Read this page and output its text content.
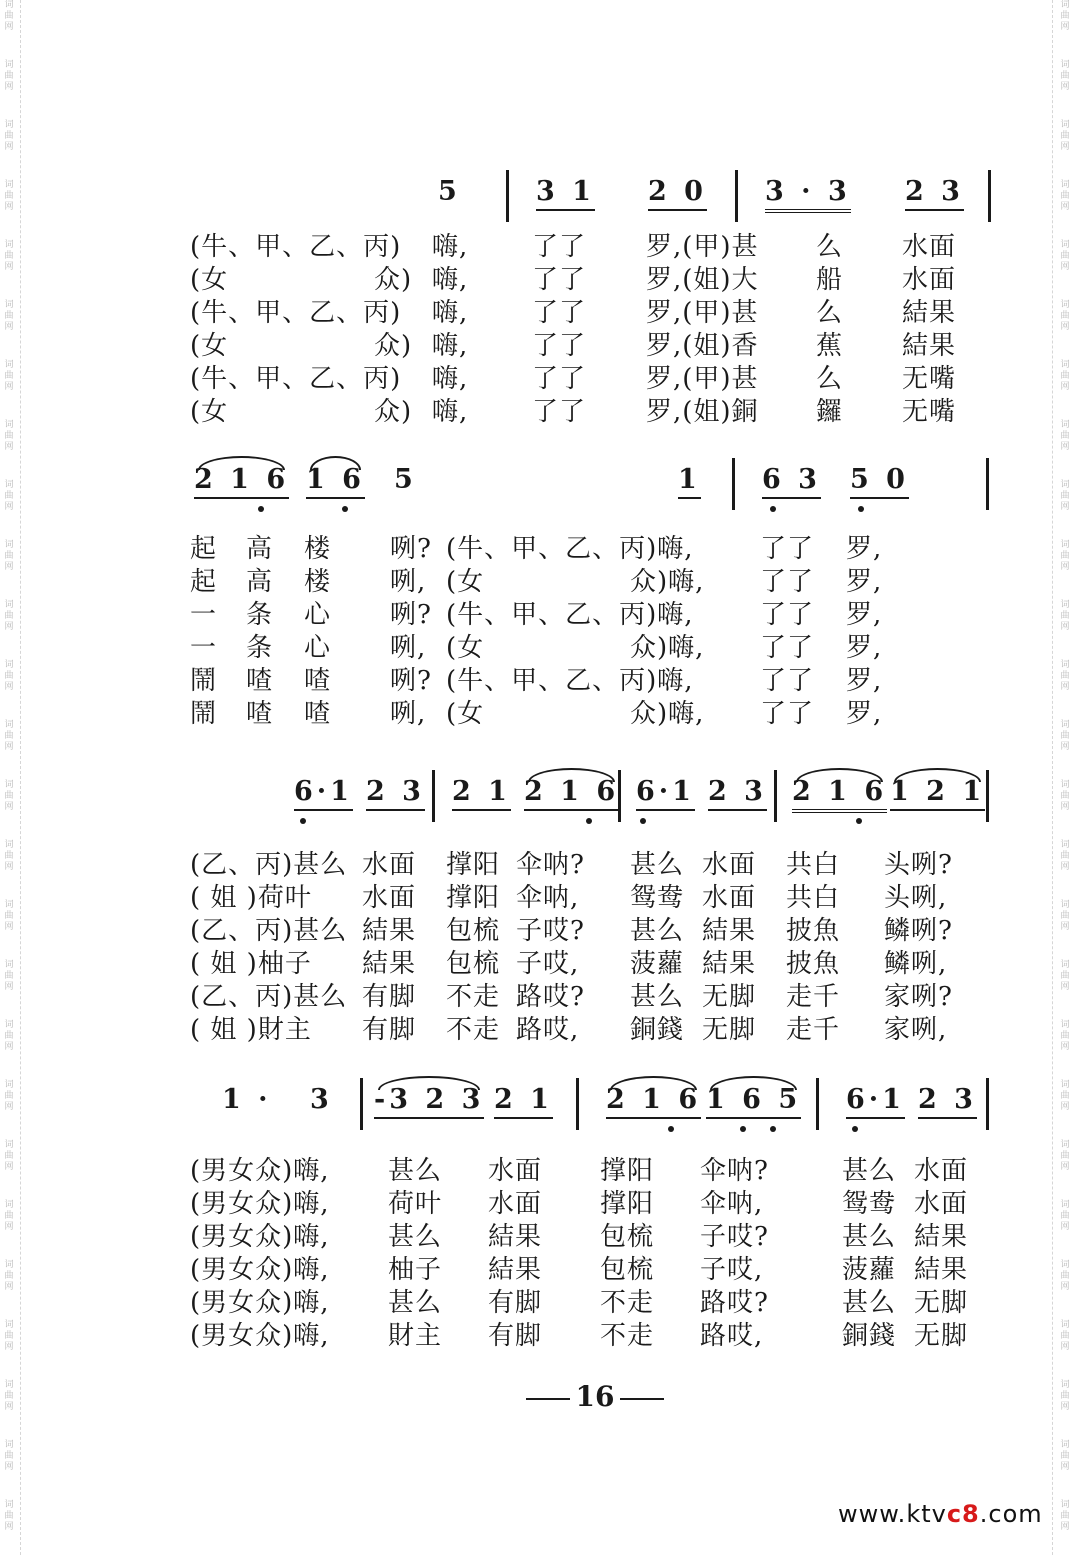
词
曲
网
词
曲
网
词
曲
网
词
曲
网
词
曲
网
词
曲
网
词
曲
网
词
曲
网
词
曲
网
词
曲
网
词
曲
网
词
曲
网
词
曲
网
词
曲
网
词
曲
网
词
曲
网
词
曲
网
词
曲
网
词
曲
网
词
曲
网
词
曲
网
词
曲
网
词
曲
网
词
曲
网
词
曲
网
词
曲
网
词
曲
网
词
曲
网
词
曲
网
词
曲
网
词
曲
网
词
曲
网
词
曲
网
词
曲
网
词
曲
网
词
曲
网
词
曲
网
词
曲
网
词
曲
网
词
曲
网
词
曲
网
词
曲
网
词
曲
网
词
曲
网
词
曲
网
词
曲
网
词
曲
网
词
曲
网
词
曲
网
词
曲
网
词
曲
网
词
曲
网
5	3 1 2 0 3 · 3 2 3
(牛、甲、乙、丙) 嗨, 了了 罗,(甲)甚 么 水面
(女	众) 嗨, 了了 罗,(姐)大 船 水面
(牛、甲、乙、丙) 嗨, 了了 罗,(甲)甚 么 結果
(女	众) 嗨, 了了 罗,(姐)香 蕉 結果
(牛、甲、乙、丙) 嗨, 了了 罗,(甲)甚 么 无嘴
(女	众) 嗨, 了了 罗,(姐)銅 鑼 无嘴
2 1 6 1 6 5	1 6 3 5 0
起 高 楼 咧? (牛、甲、乙、丙)嗨,	了了 罗,
起 高 楼 咧, (女	众)嗨, 了了 罗,
一 条 心 咧? (牛、甲、乙、丙)嗨,	了了 罗,
一 条 心 咧, (女	众)嗨, 了了 罗,
鬧 喳 喳 咧? (牛、甲、乙、丙)嗨,	了了 罗,
鬧 喳 喳 咧, (女	众)嗨, 了了 罗,
6·1 2 3 2 1 2 1 6 6·1 2 3 2 1 6 1 2 1
(乙、丙)甚么 水面 撑阳 伞呐? 甚么 水面 共白 头咧?
( 姐 )荷叶 水面 撑阳 伞呐, 鸳鸯 水面 共白 头咧,
(乙、丙)甚么 結果 包梳 子哎? 甚么 結果 披魚 鳞咧?
( 姐 )柚子 結果 包梳 子哎, 菠蘿 結果 披魚 鳞咧,
(乙、丙)甚么 有脚 不走 路哎? 甚么 无脚 走千 家咧?
( 姐 )財主 有脚 不走 路哎, 銅錢 无脚 走千 家咧,
1 · 3 -3 2 3 2 1 2 1 6 1 6 5 6·1 2 3
(男女众)嗨, 甚么 水面 撑阳 伞呐?	甚么 水面
(男女众)嗨, 荷叶 水面 撑阳 伞呐,	鸳鸯 水面
(男女众)嗨, 甚么 結果 包梳 子哎?	甚么 結果
(男女众)嗨, 柚子 結果 包梳 子哎,	菠蘿 結果
(男女众)嗨, 甚么 有脚 不走 路哎?	甚么 无脚
(男女众)嗨, 財主 有脚 不走 路哎,	銅錢 无脚
16
www.ktvc8.com
